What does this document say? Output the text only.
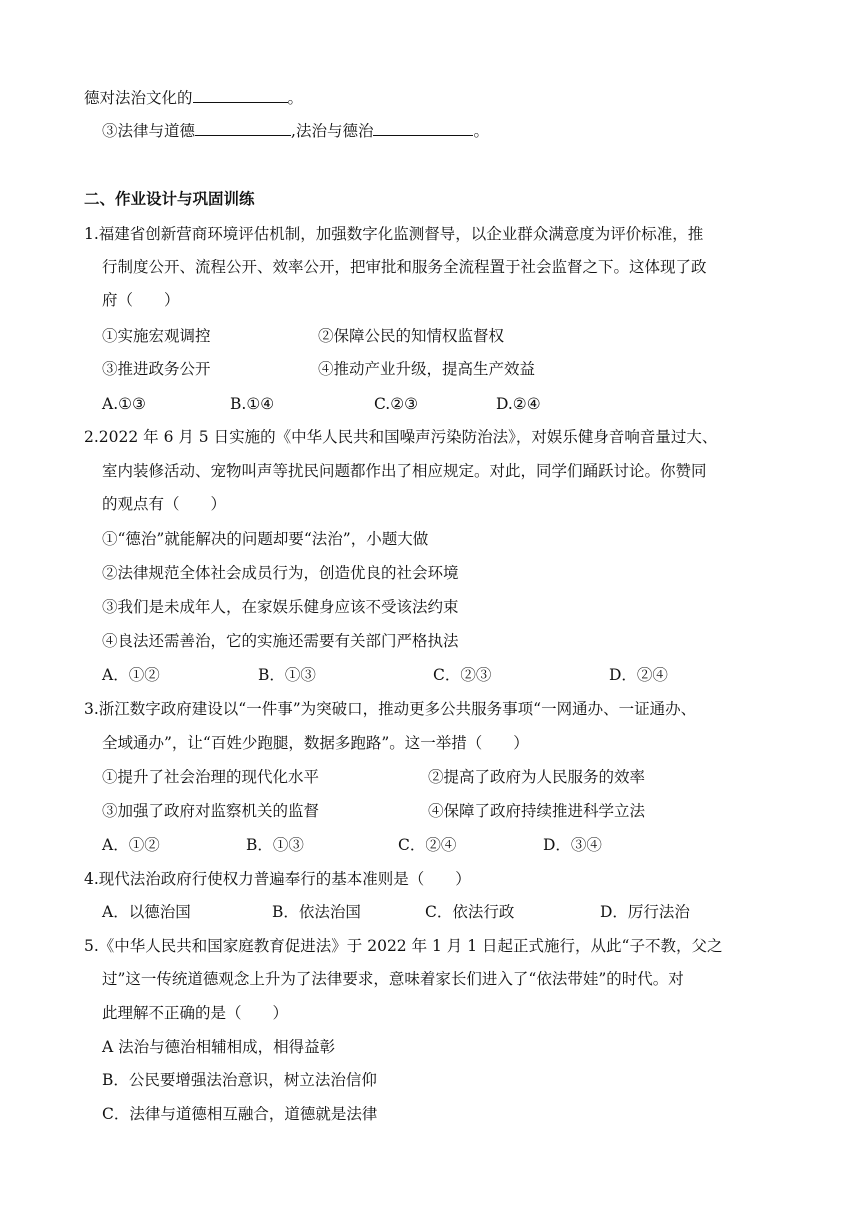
德对法治文化的	。
③法律与道德	,法治与德治	。
二、作业设计与巩固训练
1.福建省创新营商环境评估机制，加强数字化监测督导，以企业群众满意度为评价标准，推
行制度公开、流程公开、效率公开，把审批和服务全流程置于社会监督之下。这体现了政
府（　　）
①实施宏观调控	②保障公民的知情权监督权
③推进政务公开	④推动产业升级，提高生产效益
A.①③	B.①④	C.②③	D.②④
2.2022 年 6 月 5 日实施的《中华人民共和国噪声污染防治法》，对娱乐健身音响音量过大、
室内装修活动、宠物叫声等扰民问题都作出了相应规定。对此，同学们踊跃讨论。你赞同
的观点有（　　）
①“德治”就能解决的问题却要“法治”，小题大做
②法律规范全体社会成员行为，创造优良的社会环境
③我们是未成年人，在家娱乐健身应该不受该法约束
④良法还需善治，它的实施还需要有关部门严格执法
A．①②	B．①③	C．②③	D．②④
3.浙江数字政府建设以“一件事”为突破口，推动更多公共服务事项“一网通办、一证通办、
全域通办”，让“百姓少跑腿，数据多跑路”。这一举措（　　）
①提升了社会治理的现代化水平	②提高了政府为人民服务的效率
③加强了政府对监察机关的监督	④保障了政府持续推进科学立法
A．①②	B．①③	C．②④	D．③④
4.现代法治政府行使权力普遍奉行的基本准则是（　　）
A．以德治国	B．依法治国	C．依法行政	D．厉行法治
5.《中华人民共和国家庭教育促进法》于 2022 年 1 月 1 日起正式施行，从此“子不教，父之
过”这一传统道德观念上升为了法律要求，意味着家长们进入了“依法带娃”的时代。对
此理解不正确的是（　　）
A 法治与德治相辅相成，相得益彰
B．公民要增强法治意识，树立法治信仰
C．法律与道德相互融合，道德就是法律
